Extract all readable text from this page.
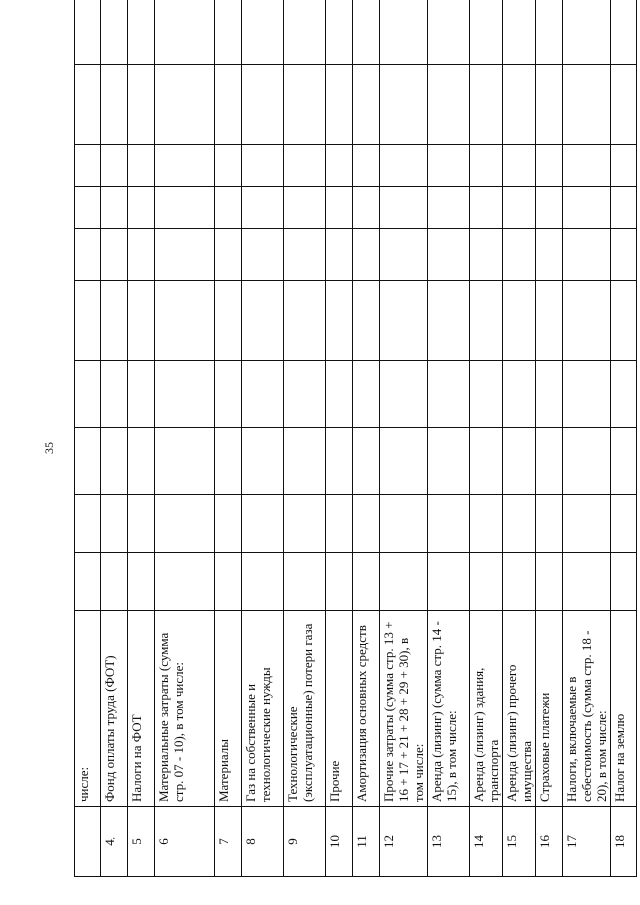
35
	числе:										
4,	Фонд оплаты труда (ФОТ)										
5	Налоги на ФОТ										
6	Материальные затраты (сумма стр. 07 - 10), в том числе:										
7	Материалы										
8	Газ на собственные и технологические нужды										
9	Технологические (эксплуатационные) потери газа										
10	Прочие										
11	Амортизация основных средств										
12	Прочие затраты (сумма стр. 13 + 16 + 17 + 21 + 28 + 29 + 30), в том числе:										
13	Аренда (лизинг) (сумма стр. 14 - 15), в том числе:										
14	Аренда (лизинг) здания, транспорта										
15	Аренда (лизинг) прочего имущества										
16	Страховые платежи										
17	Налоги, включаемые в себестоимость (сумма стр. 18 - 20), в том числе:										
18	Налог на землю										
